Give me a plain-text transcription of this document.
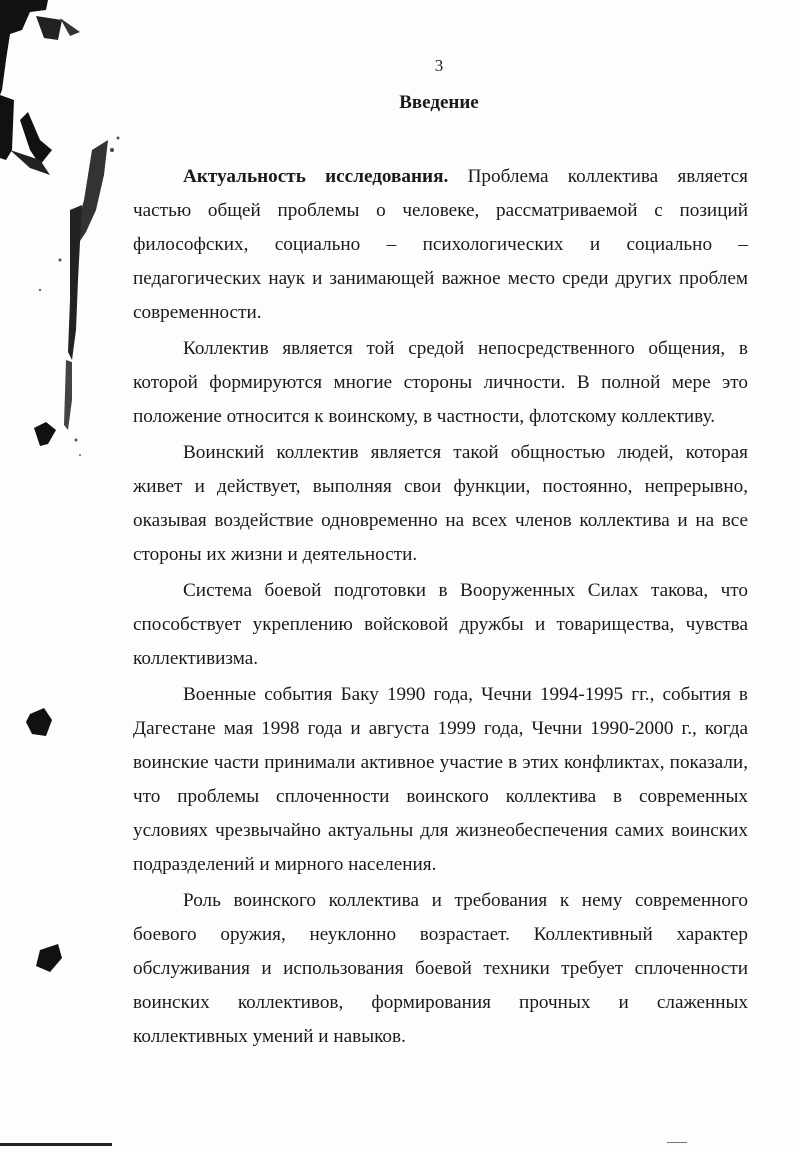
3
Введение

Актуальность исследования. Проблема коллектива является частью общей проблемы о человеке, рассматриваемой с позиций философских, социально – психологических и социально – педагогических наук и занимающей важное место среди других проблем современности.

Коллектив является той средой непосредственного общения, в которой формируются многие стороны личности. В полной мере это положение относится к воинскому, в частности, флотскому коллективу.

Воинский коллектив является такой общностью людей, которая живет и действует, выполняя свои функции, постоянно, непрерывно, оказывая воздействие одновременно на всех членов коллектива и на все стороны их жизни и деятельности.

Система боевой подготовки в Вооруженных Силах такова, что способствует укреплению войсковой дружбы и товарищества, чувства коллективизма.

Военные события Баку 1990 года, Чечни 1994-1995 гг., события в Дагестане мая 1998 года и августа 1999 года, Чечни 1990-2000 г., когда воинские части принимали активное участие в этих конфликтах, показали, что проблемы сплоченности воинского коллектива в современных условиях чрезвычайно актуальны для жизнеобеспечения самих воинских подразделений и мирного населения.

Роль воинского коллектива и требования к нему современного боевого оружия, неуклонно возрастает. Коллективный характер обслуживания и использования боевой техники требует сплоченности воинских коллективов, формирования прочных и слаженных коллективных умений и навыков.
